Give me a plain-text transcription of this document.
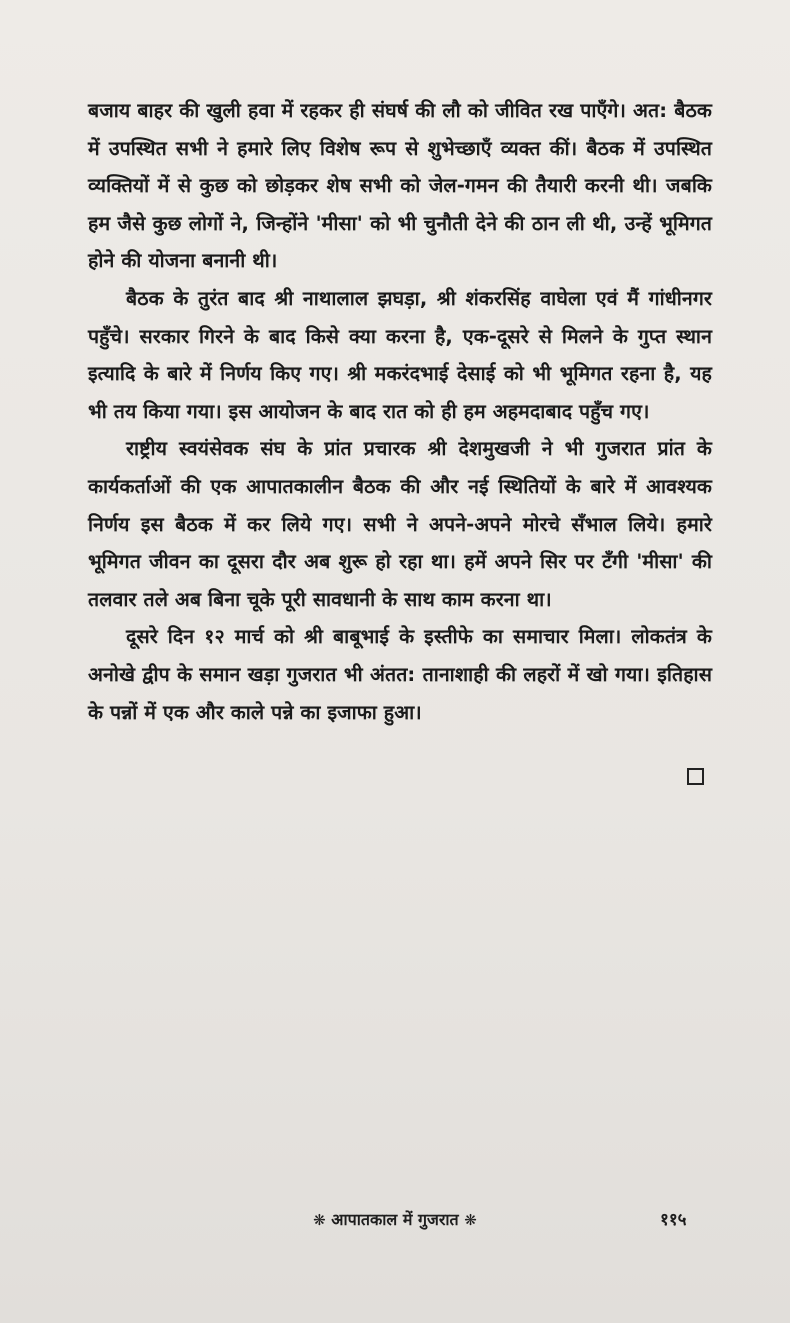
बजाय बाहर की खुली हवा में रहकर ही संघर्ष की लौ को जीवित रख पाएँगे। अत: बैठक में उपस्थित सभी ने हमारे लिए विशेष रूप से शुभेच्छाएँ व्यक्त कीं। बैठक में उपस्थित व्यक्तियों में से कुछ को छोड़कर शेष सभी को जेल-गमन की तैयारी करनी थी। जबकि हम जैसे कुछ लोगों ने, जिन्होंने 'मीसा' को भी चुनौती देने की ठान ली थी, उन्हें भूमिगत होने की योजना बनानी थी।

बैठक के तुरंत बाद श्री नाथालाल झघड़ा, श्री शंकरसिंह वाघेला एवं मैं गांधीनगर पहुँचे। सरकार गिरने के बाद किसे क्या करना है, एक-दूसरे से मिलने के गुप्त स्थान इत्यादि के बारे में निर्णय किए गए। श्री मकरंदभाई देसाई को भी भूमिगत रहना है, यह भी तय किया गया। इस आयोजन के बाद रात को ही हम अहमदाबाद पहुँच गए।

राष्ट्रीय स्वयंसेवक संघ के प्रांत प्रचारक श्री देशमुखजी ने भी गुजरात प्रांत के कार्यकर्ताओं की एक आपातकालीन बैठक की और नई स्थितियों के बारे में आवश्यक निर्णय इस बैठक में कर लिये गए। सभी ने अपने-अपने मोरचे सँभाल लिये। हमारे भूमिगत जीवन का दूसरा दौर अब शुरू हो रहा था। हमें अपने सिर पर टँगी 'मीसा' की तलवार तले अब बिना चूके पूरी सावधानी के साथ काम करना था।

दूसरे दिन १२ मार्च को श्री बाबूभाई के इस्तीफे का समाचार मिला। लोकतंत्र के अनोखे द्वीप के समान खड़ा गुजरात भी अंतत: तानाशाही की लहरों में खो गया। इतिहास के पन्नों में एक और काले पन्ने का इजाफा हुआ।

❋ आपातकाल में गुजरात ❋	११५
